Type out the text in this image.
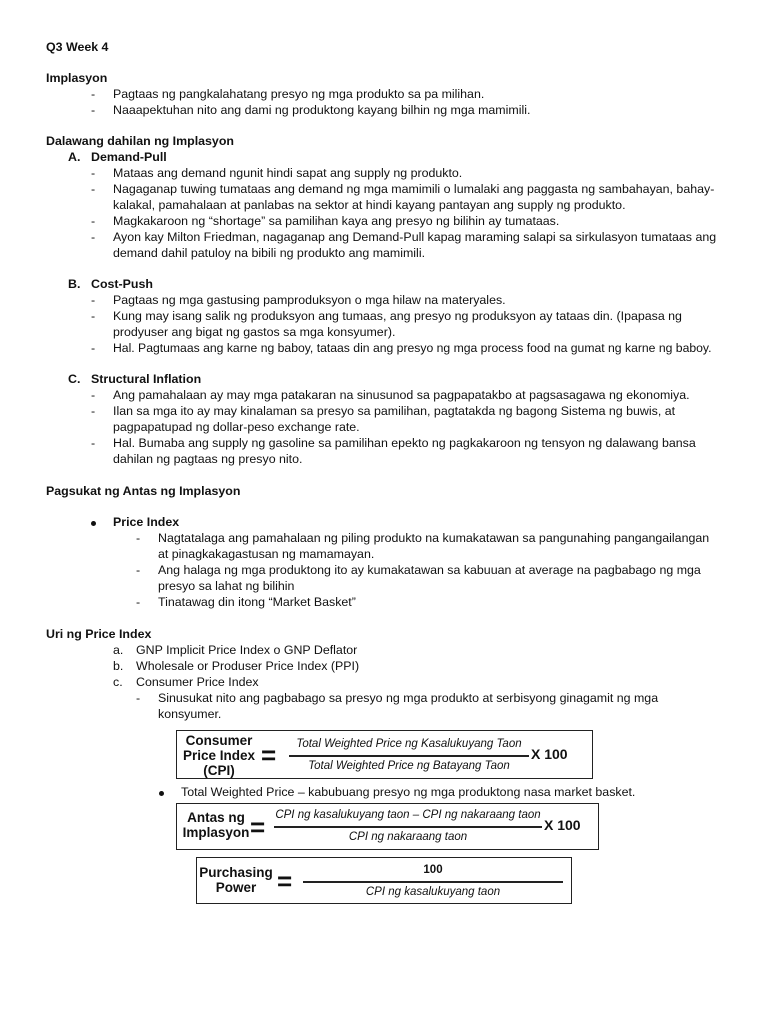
Q3 Week 4
Implasyon
- Pagtaas ng pangkalahatang presyo ng mga produkto sa pa milihan.
- Naaapektuhan nito ang dami ng produktong kayang bilhin ng mga mamimili.
Dalawang dahilan ng Implasyon
A. Demand-Pull
- Mataas ang demand ngunit hindi sapat ang supply ng produkto.
- Nagaganap tuwing tumataas ang demand ng mga mamimili o lumalaki ang paggasta ng sambahayan, bahay-
kalakal, pamahalaan at panlabas na sektor at hindi kayang pantayan ang supply ng produkto.
- Magkakaroon ng “shortage” sa pamilihan kaya ang presyo ng bilihin ay tumataas.
- Ayon kay Milton Friedman, nagaganap ang Demand-Pull kapag maraming salapi sa sirkulasyon tumataas ang
demand dahil patuloy na bibili ng produkto ang mamimili.
B. Cost-Push
- Pagtaas ng mga gastusing pamproduksyon o mga hilaw na materyales.
- Kung may isang salik ng produksyon ang tumaas, ang presyo ng produksyon ay tataas din. (Ipapasa ng
prodyuser ang bigat ng gastos sa mga konsyumer).
- Hal. Pagtumaas ang karne ng baboy, tataas din ang presyo ng mga process food na gumat ng karne ng baboy.
C. Structural Inflation
- Ang pamahalaan ay may mga patakaran na sinusunod sa pagpapatakbo at pagsasagawa ng ekonomiya.
- Ilan sa mga ito ay may kinalaman sa presyo sa pamilihan, pagtatakda ng bagong Sistema ng buwis, at
pagpapatupad ng dollar-peso exchange rate.
- Hal. Bumaba ang supply ng gasoline sa pamilihan epekto ng pagkakaroon ng tensyon ng dalawang bansa
dahilan ng pagtaas ng presyo nito.
Pagsukat ng Antas ng Implasyon
Price Index
- Nagtatalaga ang pamahalaan ng piling produkto na kumakatawan sa pangunahing pangangailangan
at pinagkakagastusan ng mamamayan.
- Ang halaga ng mga produktong ito ay kumakatawan sa kabuuan at average na pagbabago ng mga
presyo sa lahat ng bilihin
- Tinatawag din itong “Market Basket”
Uri ng Price Index
a. GNP Implicit Price Index o GNP Deflator
b. Wholesale or Produser Price Index (PPI)
c. Consumer Price Index
- Sinusukat nito ang pagbabago sa presyo ng mga produkto at serbisyong ginagamit ng mga
konsyumer.
Consumer
Price Index
(CPI)
=	Total Weighted Price ng Kasalukuyang Taon
Total Weighted Price ng Batayang Taon
X 100
Total Weighted Price – kabubuang presyo ng mga produktong nasa market basket.
Antas ng
Implasyon = CPI ng kasalukuyang taon – CPI ng nakaraang taon
CPI ng nakaraang taon
X 100
Purchasing
Power =	100
CPI ng kasalukuyang taon
